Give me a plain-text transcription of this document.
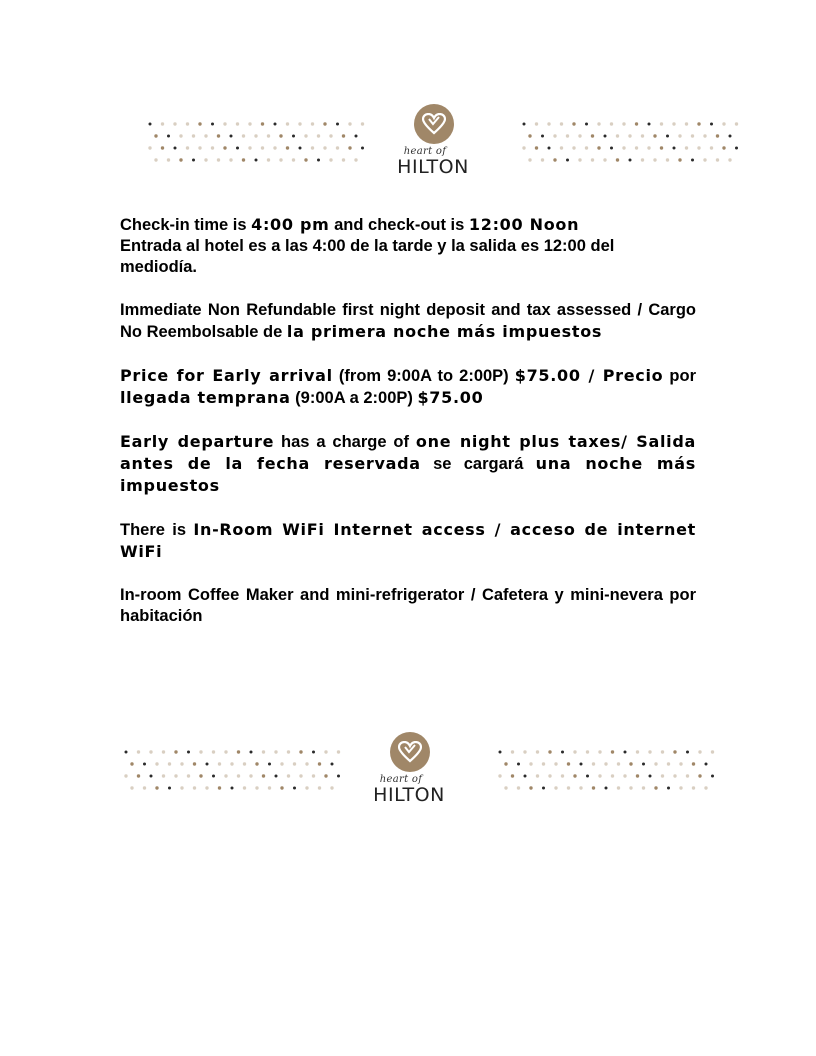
heart of
HILTON

Check-in time is 4:00 pm and check-out is 12:00 Noon
Entrada al hotel es a las 4:00 de la tarde y la salida es 12:00 del mediodía.

Immediate Non Refundable first night deposit and tax assessed / Cargo No Reembolsable de la primera noche más impuestos

Price for Early arrival (from 9:00A to 2:00P) $75.00 / Precio por llegada temprana (9:00A a 2:00P) $75.00

Early departure has a charge of one night plus taxes/ Salida antes de la fecha reservada se cargará una noche más impuestos

There is In-Room WiFi Internet access / acceso de internet WiFi

In-room Coffee Maker and mini-refrigerator / Cafetera y mini-nevera por habitación

heart of
HILTON
